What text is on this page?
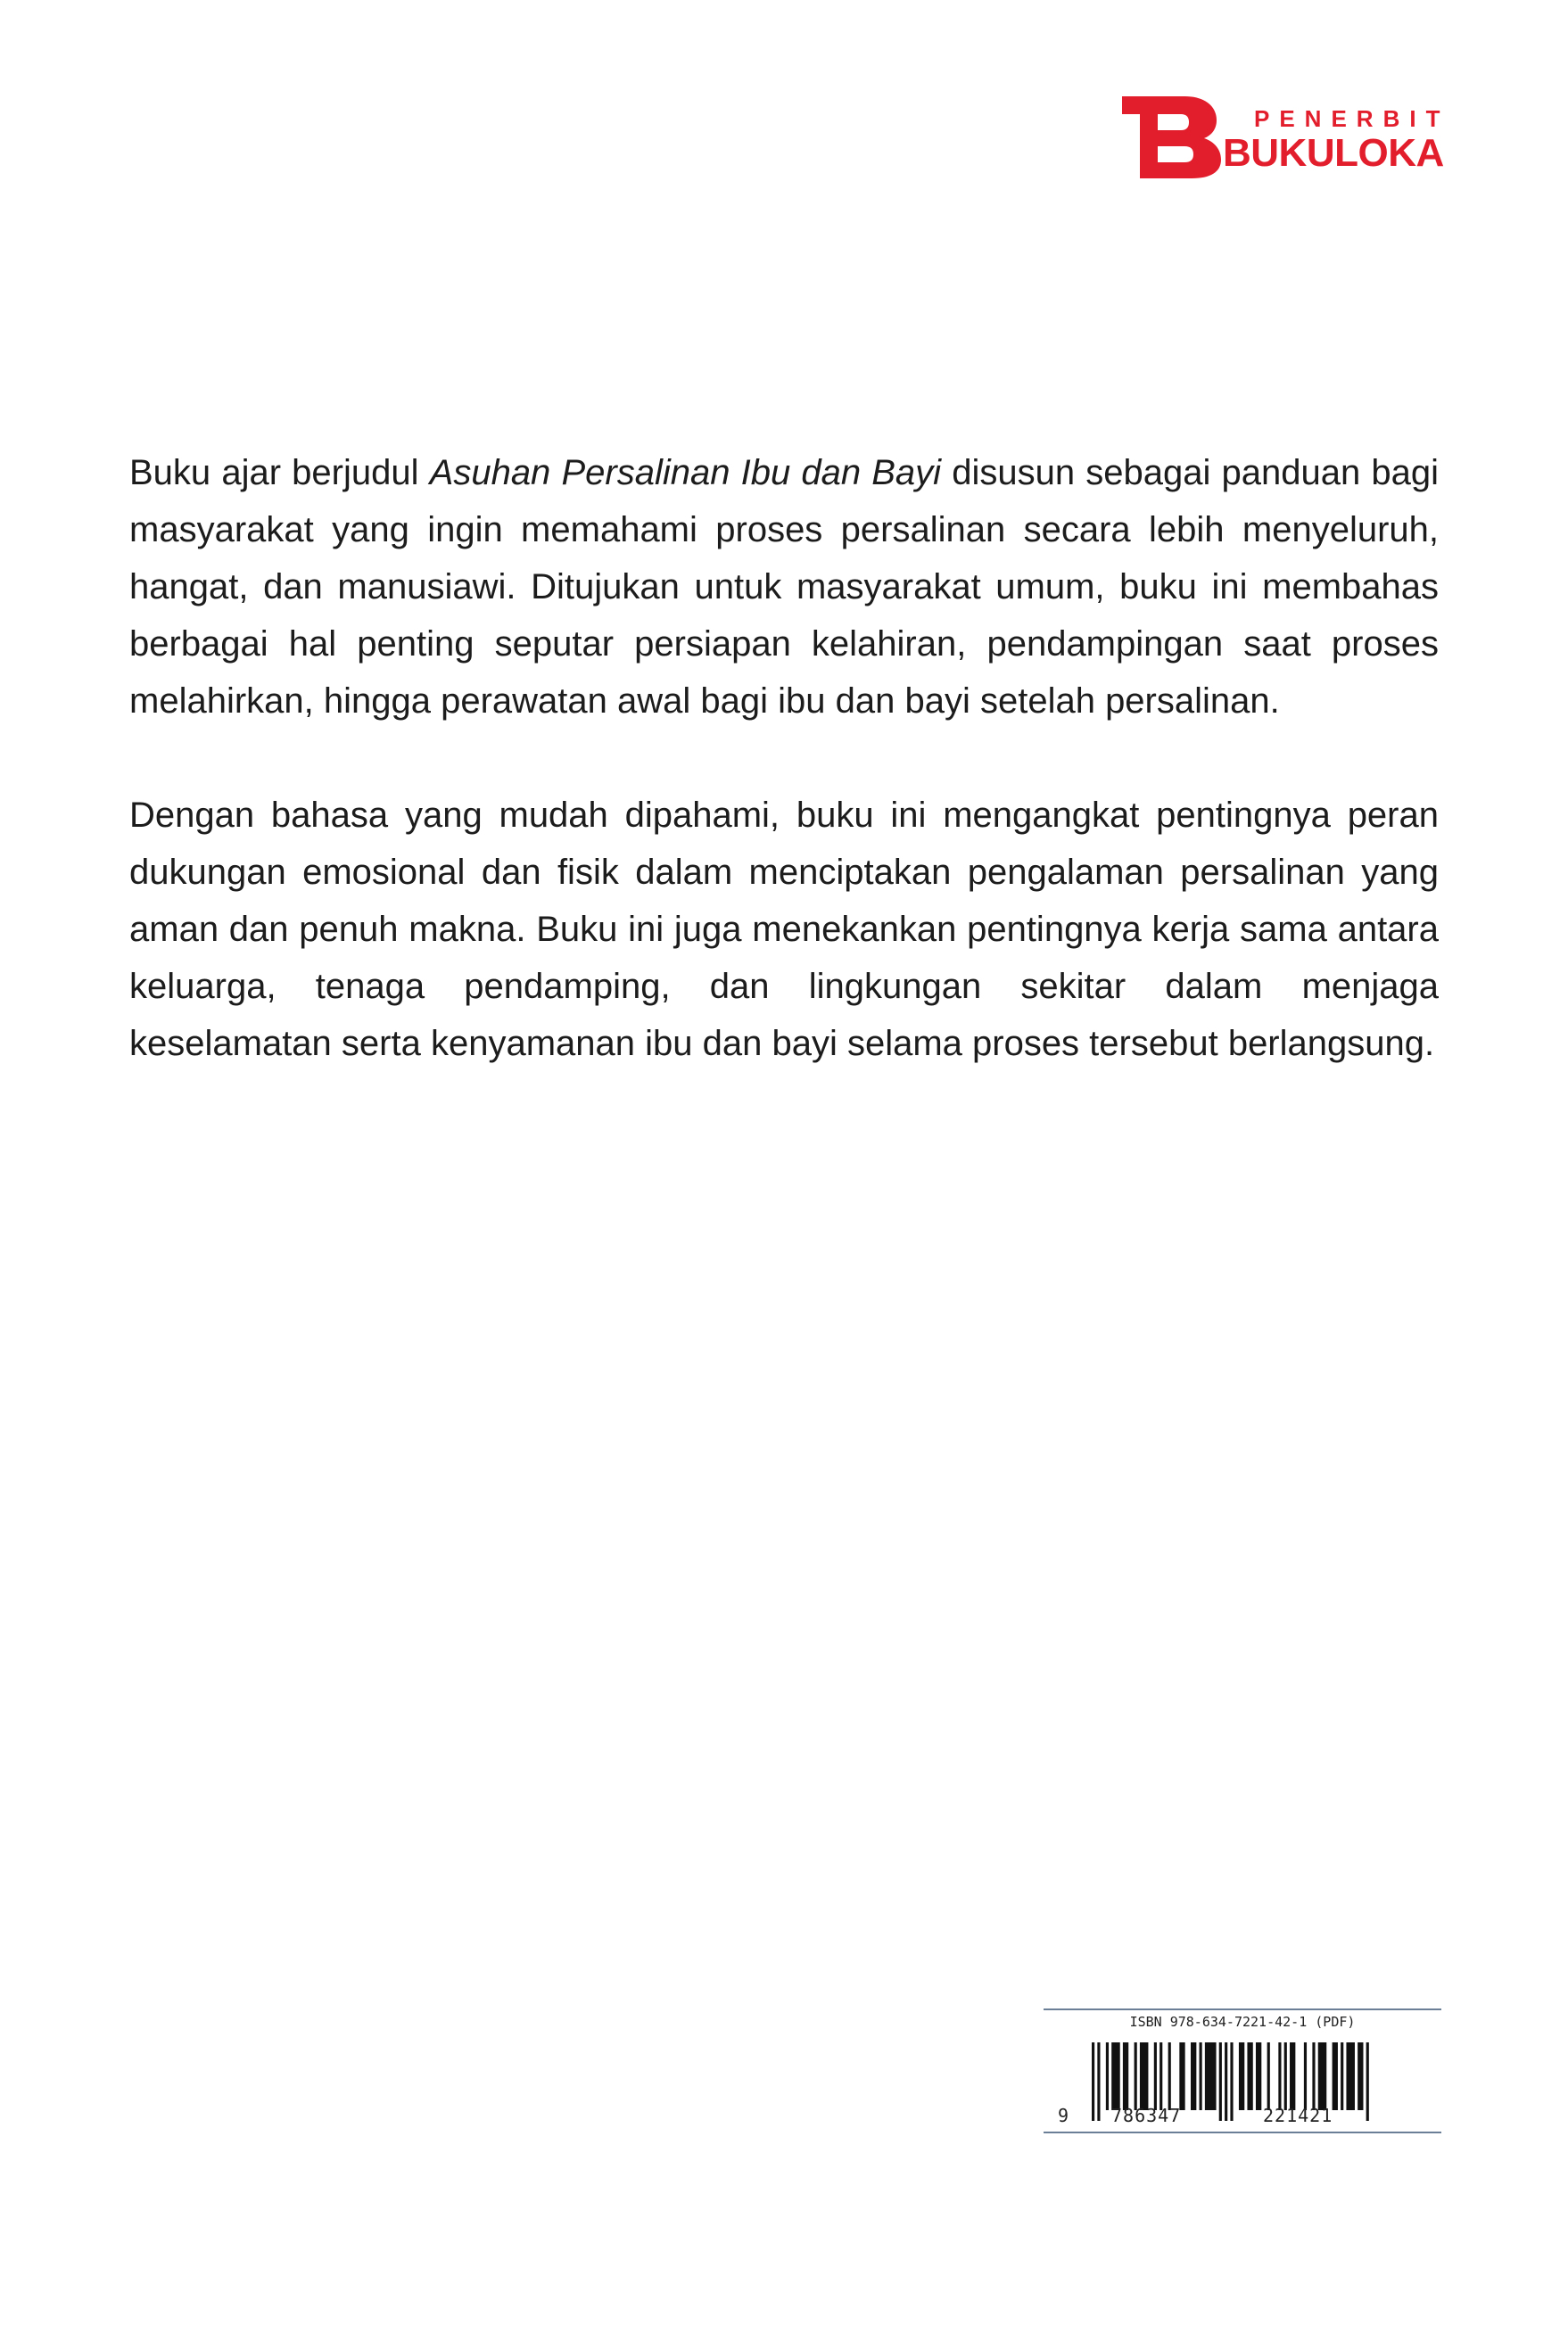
PENERBIT
BUKULOKA

Buku ajar berjudul Asuhan Persalinan Ibu dan Bayi disusun sebagai panduan bagi masyarakat yang ingin memahami proses persalinan secara lebih menyeluruh, hangat, dan manusiawi. Ditujukan untuk masyarakat umum, buku ini membahas berbagai hal penting seputar persiapan kelahiran, pendampingan saat proses melahirkan, hingga perawatan awal bagi ibu dan bayi setelah persalinan.

Dengan bahasa yang mudah dipahami, buku ini mengangkat pentingnya peran dukungan emosional dan fisik dalam menciptakan pengalaman persalinan yang aman dan penuh makna. Buku ini juga menekankan pentingnya kerja sama antara keluarga, tenaga pendamping, dan lingkungan sekitar dalam menjaga keselamatan serta kenyamanan ibu dan bayi selama proses tersebut berlangsung.

ISBN 978-634-7221-42-1 (PDF)
9 786347	221421
